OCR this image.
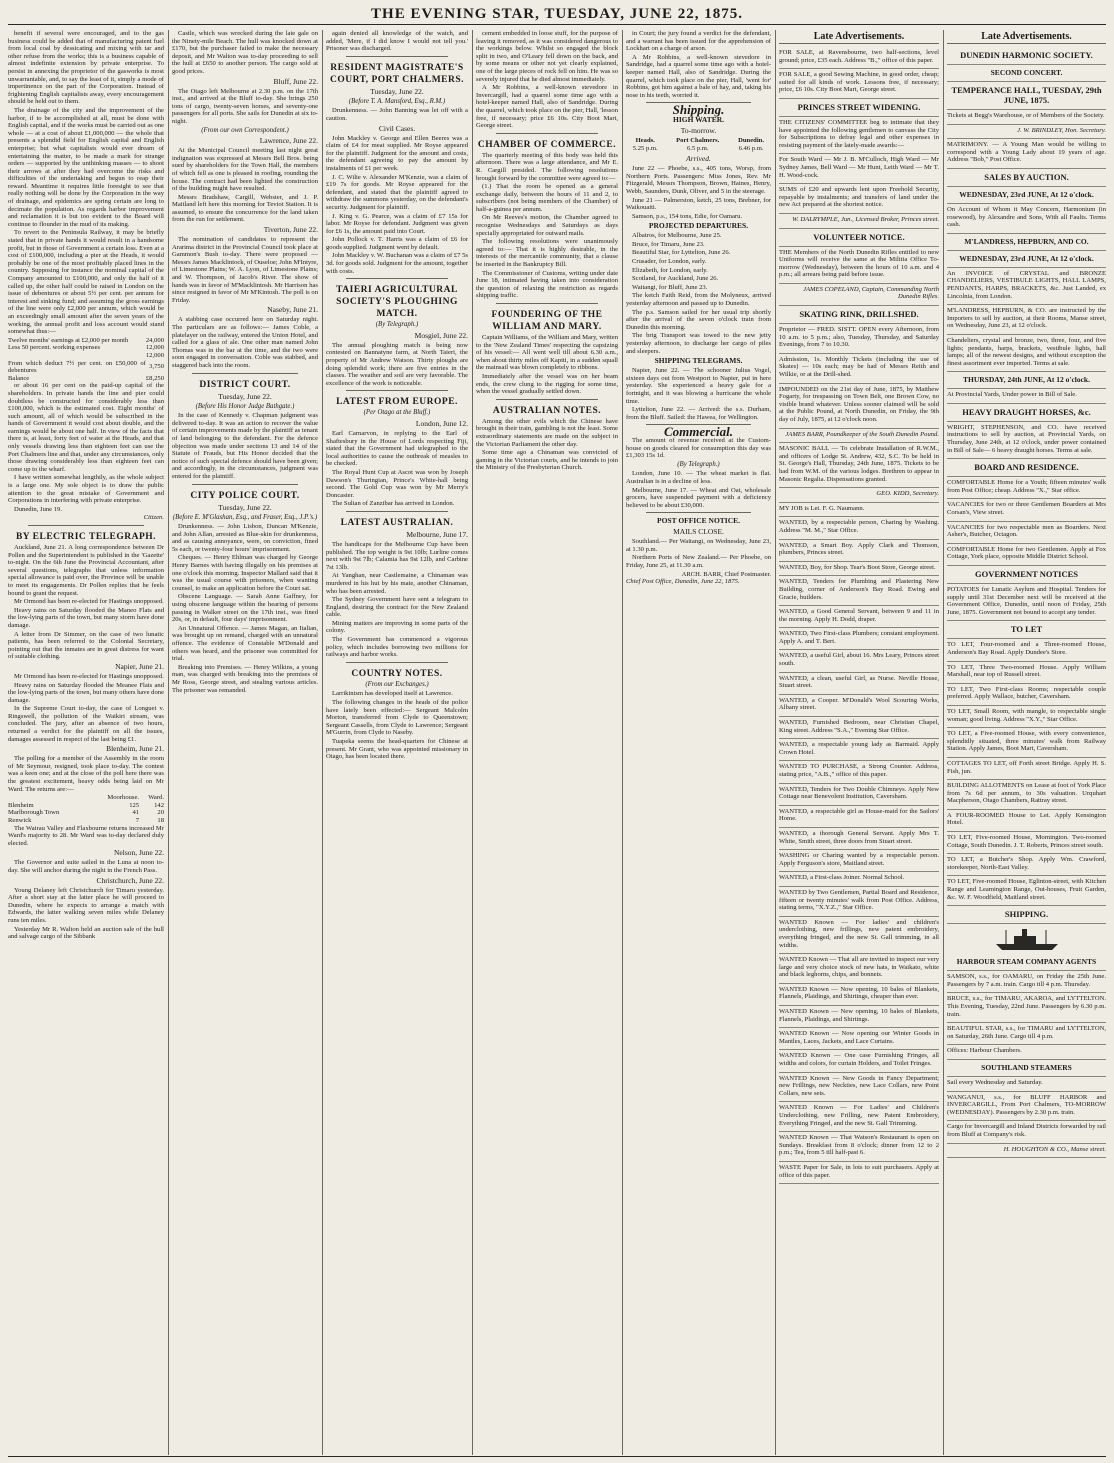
THE EVENING STAR, TUESDAY, JUNE 22, 1875.

benefit if several were encouraged, and to the gas business could be added that of manufacturing patent fuel from local coal by dessicating and mixing with tar and other refuse from the works; this is a business capable of almost indefinite extension by private enterprise. To persist in annexing the proprietor of the gasworks is most unwarrantable, and, to say the least of it, simply a mode of impertinence on the part of the Corporation. Instead of frightening English capitalists away, every encouragement should be held out to them.

The drainage of the city and the improvement of the harbor, if to be accomplished at all, must be done with English capital, and if the works must be carried out as one whole — at a cost of about £1,000,000 — the whole that presents a splendid field for English capital and English enterprise; but what capitalists would ever dream of entertaining the matter, to be made a mark for strange orders — supported by the unthinking masses — to shoot their arrows at after they had overcome the risks and difficulties of the undertaking and begun to reap their reward. Meantime it requires little foresight to see that really nothing will be done by the Corporation in the way of drainage, and epidemics are spring certain are long to decimate the population. As regards harbor improvement and reclamation it is but too evident to the Board will continue to flounder in the mud of its making.

To revert to the Peninsula Railway, it may be briefly stated that in private hands it would result in a handsome profit, but in those of Government a certain loss. Even at a cost of £100,000, including a pier at the Heads, it would probably be one of the most profitably placed lines in the country. Supposing for instance the nominal capital of the Company amounted to £100,000, and only the half of it called up, the other half could be raised in London on the issue of debentures or about 5½ per cent. per annum for interest and sinking fund; and assuming the gross earnings of the line were only £2,000 per annum, which would be an exceedingly small amount after the seven years of the working, the annual profit and loss account would stand somewhat thus:—

Twelve months' earnings at £2,000 per month	24,000
Less 50 percent. working expenses	12,000
	12,000
From which deduct 7½ per cent. on £50,000 of debentures	3,750
Balance	£8,250

or about 16 per cent on the paid-up capital of the shareholders. In private hands the line and pier could doubtless be constructed for considerably less than £100,000, which is the estimated cost. Eight months' of such amount, all of which would be subscribed in the hands of Government it would cost about double, and the earnings would be about one half. In view of the facts that there is, at least, forty feet of water at the Heads, and that only vessels drawing less than eighteen feet can use the Port Chalmers line and that, under any circumstances, only those drawing considerably less than eighteen feet can come up to the wharf.

I have written somewhat lengthily, as the whole subject is a large one. My sole object is to draw the public attention to the great mistake of Government and Corporations in interfering with private enterprise.

Dunedin, June 19.

Citizen.
BY ELECTRIC TELEGRAPH.

Auckland, June 21. A long correspondence between Dr Pollen and the Superintendent is published in the 'Gazette' to-night. On the 6th June the Provincial Accountant, after several questions, telegraphs that unless information special allowance is paid over, the Province will be unable to meet its engagements. Dr Pollen replies that he feels bound to grant the request.

Mr Ormond has been re-elected for Hastings unopposed.

Heavy rains on Saturday flooded the Maneo Flats and the low-lying parts of the town, but many storm have done damage.

A letter from Dr Simmer, on the case of two lunatic patients, has been referred to the Colonial Secretary, pointing out that the inmates are in great distress for want of suitable clothing.

Napier, June 21.

Mr Ormond has been re-elected for Hastings unopposed.

Heavy rains on Saturday flooded the Meanee Flats and the low-lying parts of the town, but many others have done damage.

In the Supreme Court to-day, the case of Longuet v. Ringswell, the pollution of the Waikiri stream, was concluded. The jury, after an absence of two hours, returned a verdict for the plaintiff on all the issues, damages assessed in respect of the last being £1.

Blenheim, June 21.

The polling for a member of the Assembly in the room of Mr Seymour, resigned, took place to-day. The contest was a keen one; and at the close of the poll here there was the greatest excitement, heavy odds being laid on Mr Ward. The returns are:—

	Moorhouse.	Ward.
Blenheim	125	142
Marlborough Town	41	20
Renwick	7	18

The Wairau Valley and Flaxbourne returns increased Mr Ward's majority to 28. Mr Ward was to-day declared duly elected.

Nelson, June 22.

The Governor and suite sailed in the Luna at noon to-day. She will anchor during the night in the French Pass.

Christchurch, June 22.

Young Delaney left Christchurch for Timaru yesterday. After a short stay at the latter place he will proceed to Dunedin, where he expects to arrange a match with Edwards, the latter walking seven miles while Delaney runs ten miles.

Yesterday Mr R. Walton held an auction sale of the hull and salvage cargo of the Sibbank

Castle, which was wrecked during the late gale on the Ninety-mile Beach. The hull was knocked down at £170, but the purchaser failed to make the necessary deposit, and Mr Walton was to-day proceeding to sell the hull at £650 to another person. The cargo sold at good prices.

Bluff, June 22.

The Otago left Melbourne at 2.30 p.m. on the 17th inst., and arrived at the Bluff to-day. She brings 250 tons of cargo, twenty-seven horses, and seventy-one passengers for all ports. She sails for Dunedin at six to-night.

(From our own Correspondent.)
Lawrence, June 22.

At the Municipal Council meeting last night great indignation was expressed at Messrs Bell Bros. being sued by shareholders for the Town Hall, the members of which fell as one is pleased in roofing, rounding the house. The contract had been lighted the construction of the building might have resulted.

Messrs Bradshaw, Cargill, Webster, and J. P. Maitland left here this morning for Teviot Station. It is assumed, to ensure the concurrence for the land taken from the run for settlement.

Tiverton, June 22.

The nomination of candidates to represent the Ararima district in the Provincial Council took place at Gammon's Bush to-day. There were proposed — Messrs James Macklintock, of Ouseloe; John M'Intyre, of Limestone Plains; W. A. Lyon, of Limestone Plains; and W. Thompson, of Jacob's River. The show of hands was in favor of M'Macklintosh. Mr Harrison has since resigned in favor of Mr M'Kintosh. The poll is on Friday.

Naseby, June 21.

A stabbing case occurred here on Saturday night. The particulars are as follows:— James Coble, a platelayer on the railway, entered the Union Hotel, and called for a glass of ale. One other man named John Thomas was in the bar at the time, and the two were soon engaged in conversation. Coble was stabbed, and staggered back into the room.

DISTRICT COURT.
Tuesday, June 22.
(Before His Honor Judge Bathgate.)

In the case of Kennedy v. Chapman judgment was delivered to-day. It was an action to recover the value of certain improvements made by the plaintiff as tenant of land belonging to the defendant. For the defence objection was made under sections 13 and 14 of the Statute of Frauds, but His Honor decided that the notice of such special defence should have been given; and accordingly, in the circumstances, judgment was entered for the plaintiff.

CITY POLICE COURT.
Tuesday, June 22.
(Before E. M'Glashan, Esq., and Fraser, Esq., J.P.'s.)

Drunkenness. — John Lisbon, Duncan M'Kenzie, and John Allan, arrested as Blue-skin for drunkenness, and as causing annoyance, were, on conviction, fined 5s each, or twenty-four hours' imprisonment.

Cheques. — Henry Ehlman was charged by George Henry Barnes with having illegally on his premises at one o'clock this morning. Inspector Mallard said that it was the usual course with prisoners, when wanting counsel, to make an application before the Court sat.

Obscene Language. — Sarah Anne Gaffney, for using obscene language within the hearing of persons passing in Walker street on the 17th inst., was fined 20s, or, in default, four days' imprisonment.

An Unnatural Offence. — James Magan, an Italian, was brought up on remand, charged with an unnatural offence. The evidence of Constable M'Donald and others was heard, and the prisoner was committed for trial.

Breaking into Premises. — Henry Wilkins, a young man, was charged with breaking into the premises of Mr Ross, George street, and stealing various articles. The prisoner was remanded.

again denied all knowledge of the watch, and added, 'Mere, if I did know I would not tell you.' Prisoner was discharged.

RESIDENT MAGISTRATE'S COURT, PORT CHALMERS.
Tuesday, June 22.
(Before T. A. Mansford, Esq., R.M.)

Drunkenness. — John Banning was let off with a caution.

Civil Cases.

John Mackley v. George and Ellen Beeres was a claim of £4 for meat supplied. Mr Royse appeared for the plaintiff. Judgment for the amount and costs, the defendant agreeing to pay the amount by instalments of £1 per week.

J. C. Wilie v. Alexander M'Kenzie, was a claim of £19 7s for goods. Mr Royse appeared for the defendant, and stated that the plaintiff agreed to withdraw the summons yesterday, on the defendant's security. Judgment for plaintiff.

J. King v. G. Pearce, was a claim of £7 15s for labor. Mr Royse for defendant. Judgment was given for £6 1s, the amount paid into Court.

John Pollock v. T. Harris was a claim of £6 for goods supplied. Judgment went by default.

John Mackley v. W. Buchanan was a claim of £7 5s 3d. for goods sold. Judgment for the amount, together with costs.

TAIERI AGRICULTURAL SOCIETY'S PLOUGHING MATCH.
(By Telegraph.)
Mosgiel, June 22.

The annual ploughing match is being now contested on Bannatyne farm, at North Taieri, the property of Mr Andrew Watson. Thirty ploughs are doing splendid work; there are five entries in the classes. The weather and soil are very favorable. The excellence of the work is noticeable.

LATEST FROM EUROPE.
(Per Otago at the Bluff.)
London, June 12.

Earl Carnarvon, in replying to the Earl of Shaftesbury in the House of Lords respecting Fiji, stated that the Government had telegraphed to the local authorities to cause the outbreak of measles to be checked.

The Royal Hunt Cup at Ascot was won by Joseph Dawson's Thuringian, Prince's White-hall being second. The Gold Cup was won by Mr Merry's Doncaster.

The Sultan of Zanzibar has arrived in London.

LATEST AUSTRALIAN.
Melbourne, June 17.

The handicaps for the Melbourne Cup have been published. The top weight is 9st 10lb; Lurline comes next with 9st 7lb; Calamia has 9st 12lb, and Carbine 7st 13lb.

At Yanghan, near Castlemaine, a Chinaman was murdered in his hut by his mate, another Chinaman, who has been arrested.

The Sydney Government have sent a telegram to England, desiring the contract for the New Zealand cable.

Mining matters are improving in some parts of the colony.

The Government has commenced a vigorous policy, which includes borrowing two millions for railways and harbor works.

COUNTRY NOTES.
(From our Exchanges.)

Larrikinism has developed itself at Lawrence.

The following changes in the heads of the police have lately been effected:— Sergeant Malcolm Morton, transferred from Clyde to Queenstown; Sergeant Cassells, from Clyde to Lawrence; Sergeant M'Gurrin, from Clyde to Naseby.

Tuapeka seems the head-quarters for Chinese at present. Mr Grant, who was appointed missionary in Otago, has been located there.

cement embedded in loose stuff, for the purpose of leaving it removed, as it was considered dangerous to the workings below. Whilst so engaged the block split in two, and O'Leary fell down on the back, and by some means or other not yet clearly explained, one of the large pieces of rock fell on him. He was so severely injured that he died almost immediately.

A Mr Robbins, a well-known stevedore in Invercargill, had a quarrel some time ago with a hotel-keeper named Hall, also of Sandridge. During the quarrel, which took place on the pier, Hall, 'lesson free, if necessary; price £6 10s. City Boot Mart, George street.

CHAMBER OF COMMERCE.

The quarterly meeting of this body was held this afternoon. There was a large attendance, and Mr E. R. Cargill presided. The following resolutions brought forward by the committee were agreed to:—

(1.) That the room be opened as a general exchange daily, between the hours of 11 and 2, to subscribers (not being members of the Chamber) of half-a-guinea per annum.

On Mr Reeves's motion, the Chamber agreed to recognise Wednesdays and Saturdays as days specially appropriated for outward mails.

The following resolutions were unanimously agreed to:— That it is highly desirable, in the interests of the mercantile community, that a clause be inserted in the Bankruptcy Bill.

The Commissioner of Customs, writing under date June 18, intimated having taken into consideration the question of relaxing the restriction as regards shipping traffic.

FOUNDERING OF THE WILLIAM AND MARY.

Captain Williams, of the William and Mary, written to the 'New Zealand Times' respecting the capsizing of his vessel:— All went well till about 6.30 a.m., when about thirty miles off Kapiti, in a sudden squall the mainsail was blown completely to ribbons.

Immediately after the vessel was on her beam ends, the crew clung to the rigging for some time, when the vessel gradually settled down.

AUSTRALIAN NOTES.

Among the other evils which the Chinese have brought in their train, gambling is not the least. Some extraordinary statements are made on the subject in the Victorian Parliament the other day.

Some time ago a Chinaman was convicted of gaming in the Victorian courts, and he intends to join the Ministry of the Presbyterian Church.

in Court; the jury found a verdict for the defendant, and a warrant has been issued for the apprehension of Lockhart on a charge of arson.

A Mr Robbins, a well-known stevedore in Sandridge, had a quarrel some time ago with a hotel-keeper named Hall, also of Sandridge. During the quarrel, which took place on the pier, Hall, 'went for' Robbins, got him against a bale of hay, and, taking his nose in his teeth, worried it.

Shipping.
HIGH WATER.
To-morrow.
Heads.	Port Chalmers.	Dunedin.
5.25 p.m.	6.5 p.m.	6.46 p.m.
Arrived.

June 22 — Phoebe, s.s., 405 tons, Worsp, from Northern Ports. Passengers: Miss Jones, Rev. Mr Fitzgerald, Messrs Thompson, Brown, Haines, Henry, Webb, Saunders, Dunk, Oliver, and 5 in the steerage.

June 21 — Palmerston, ketch, 25 tons, Brebner, for Waikouaiti.

Samson, p.s., 154 tons, Edie, for Oamaru.

PROJECTED DEPARTURES.

Albatros, for Melbourne, June 25.

Bruce, for Timaru, June 23.

Beautiful Star, for Lyttelton, June 26.

Crusader, for London, early.

Elizabeth, for London, early.

Scotland, for Auckland, June 26.

Waitangi, for Bluff, June 23.

The ketch Faith Reid, from the Molyneux, arrived yesterday afternoon and passed up to Dunedin.

The p.s. Samson sailed for her usual trip shortly after the arrival of the seven o'clock train from Dunedin this morning.

The brig Transport was towed to the new jetty yesterday afternoon, to discharge her cargo of piles and sleepers.

SHIPPING TELEGRAMS.

Napier, June 22. — The schooner Julius Vogel, sixteen days out from Westport to Napier, put in here yesterday. She experienced a heavy gale for a fortnight, and it was blowing a hurricane the whole time.

Lyttelton, June 22. — Arrived: the s.s. Durham, from the Bluff. Sailed: the Hawea, for Wellington.

Commercial.

The amount of revenue received at the Custom-house on goods cleared for consumption this day was £1,303 15s 1d.

(By Telegraph.)

London, June 10. — The wheat market is flat. Australian is in a decline of less.

Melbourne, June 17. — Wheat and Oat, wholesale grocers, have suspended payment with a deficiency believed to be about £30,000.

POST OFFICE NOTICE.
MAILS CLOSE.

Southland.— Per Waitangi, on Wednesday, June 23, at 1.30 p.m.

Northern Ports of New Zealand.— Per Phoebe, on Friday, June 25, at 11.30 a.m.

ARCH. BARR, Chief Postmaster.
Chief Post Office, Dunedin, June 22, 1875.
Late Advertisements.

FOR SALE, at Ravensbourne, two half-sections, level ground; price, £35 each. Address "B.," office of this paper.

FOR SALE, a good Sewing Machine, in good order, cheap; suited for all kinds of work. Lessons free, if necessary; price, £6 10s. City Boot Mart, George street.

PRINCES STREET WIDENING.

THE CITIZENS' COMMITTEE beg to intimate that they have appointed the following gentlemen to canvass the City for Subscriptions to defray legal and other expenses in resisting payment of the lately-made awards:—

For South Ward — Mr J. B. M'Culloch, High Ward — Mr Sydney James, Bell Ward — Mr Hunt, Leith Ward — Mr T. H. Wood-cock.

SUMS of £20 and upwards lent upon Freehold Security, repayable by instalments; and transfers of land under the new Act prepared at the shortest notice.

W. DALRYMPLE, Jun., Licensed Broker, Princes street.

VOLUNTEER NOTICE.

THE Members of the North Dunedin Rifles entitled to new Uniforms will receive the same at the Militia Office To-morrow (Wednesday), between the hours of 10 a.m. and 4 p.m.; all arrears being paid before issue.

JAMES COPELAND, Captain, Commanding North Dunedin Rifles.

SKATING RINK, DRILLSHED.

Proprietor — FRED. SISTT. OPEN every Afternoon, from 10 a.m. to 5 p.m.; also, Tuesday, Thursday, and Saturday Evenings, from 7 to 10.30.

Admission, 1s. Monthly Tickets (including the use of Skates) — 10s each; may be had of Messrs Reith and Wilkie, or at the Drill-shed.

IMPOUNDED on the 21st day of June, 1875, by Matthew Fogarty, for trespassing on Town Belt, one Brown Cow, no visible brand whatever. Unless sooner claimed will be sold at the Public Pound, at North Dunedin, on Friday, the 9th day of July, 1875, at 12 o'clock noon.

JAMES BARR, Poundkeeper of the South Dunedin Pound.

MASONIC BALL — To celebrate Installation of R.W.M., and officers of Lodge St. Andrew, 432, S.C. To be held in St. George's Hall, Thursday, 24th June, 1875. Tickets to be had from W.M. of the various lodges. Brethren to appear in Masonic Regalia. Dispensations granted.

GEO. KIDD, Secretary.

MY JOB is Let. F. G. Naumann.

WANTED, by a respectable person, Charing by Washing. Address "M. M.," Star Office.

WANTED, a Smart Boy. Apply Clark and Thomson, plumbers, Princes street.

WANTED, Boy, for Shop. Tear's Boot Store, George street.

WANTED, Tenders for Plumbing and Plastering New Building, corner of Anderson's Bay Road. Ewing and Gracie, builders.

WANTED, a Good General Servant, between 9 and 11 in the morning. Apply H. Dodd, draper.

WANTED, Two First-class Plumbers; constant employment. Apply A. and T. Bert.

WANTED, a useful Girl, about 16. Mrs Leary, Princes street south.

WANTED, a clean, useful Girl, as Nurse. Neville House, Stuart street.

WANTED, a Cooper. M'Donald's Wool Scouring Works, Albany street.

WANTED, Furnished Bedroom, near Christian Chapel, King street. Address "S.A.," Evening Star Office.

WANTED, a respectable young lady as Barmaid. Apply Crown Hotel.

WANTED TO PURCHASE, a Strong Counter. Address, stating price, "A.B.," office of this paper.

WANTED, Tenders for Two Double Chimneys. Apply New Cottage near Benevolent Institution, Caversham.

WANTED, a respectable girl as House-maid for the Sailors' Home.

WANTED, a thorough General Servant. Apply Mrs T. White, Smith street, three doors from Stuart street.

WASHING or Charing wanted by a respectable person. Apply Ferguson's store, Maitland street.

WANTED, a First-class Joiner. Normal School.

WANTED by Two Gentlemen, Partial Board and Residence, fifteen or twenty minutes' walk from Post Office. Address, stating terms, "X.Y.Z.," Star Office.

WANTED Known — For ladies' and children's underclothing, new frillings, new patent embroidery, everything fringed, and the new St. Gall trimming, in all widths.

WANTED Known — That all are invited to inspect our very large and very choice stock of new hats, in Waikato, white and black leghorns, chips, and bonnets.

WANTED Known — Now opening, 10 bales of Blankets, Flannels, Plaidings, and Shirtings, cheaper than ever.

WANTED Known — New opening, 10 bales of Blankets, Flannels, Plaidings, and Shirtings.

WANTED Known — Now opening our Winter Goods in Mantles, Laces, Jackets, and Lace Curtains.

WANTED Known — One case Furnishing Fringes, all widths and colors, for curtain Holders, and Toilet Fringes.

WANTED Known — New Goods in Fancy Department; new Frillings, new Neckties, new Lace Collars, new Point Collars, new sets.

WANTED Known — For Ladies' and Children's Underclothing, new Frilling, new Patent Embroidery, Everything Fringed, and the new St. Gall Trimming.

WANTED Known — That Watson's Restaurant is open on Sundays. Breakfast from 8 o'clock; dinner from 12 to 2 p.m.; Tea, from 5 till half-past 6.

WASTE Paper for Sale, in lots to suit purchasers. Apply at office of this paper.

Late Advertisements.

DUNEDIN HARMONIC SOCIETY.

SECOND CONCERT.

TEMPERANCE HALL, TUESDAY, 29th JUNE, 1875.

Tickets at Begg's Warehouse, or of Members of the Society.

J. W. BRINDLEY, Hon. Secretary.

MATRIMONY. — A Young Man would be willing to correspond with a Young Lady about 19 years of age. Address "Bob," Post Office.

SALES BY AUCTION.

WEDNESDAY, 23rd JUNE, At 12 o'clock.

On Account of Whom it May Concern, Harmonium (in rosewood), by Alexandre and Sons, With all Faults. Terms cash.

M'LANDRESS, HEPBURN, AND CO.

WEDNESDAY, 23rd JUNE, At 12 o'clock.

An INVOICE of CRYSTAL and BRONZE CHANDELIERS, VESTIBULE LIGHTS, HALL LAMPS, PENDANTS, HARPS, BRACKETS, &c. Just Landed, ex Lincolnia, from London.

M'LANDRESS, HEPBURN, & CO. are instructed by the Importers to sell by auction, at their Rooms, Manse street, on Wednesday, June 23, at 12 o'clock.

Chandeliers, crystal and bronze, two, three, four, and five lights; pendants, harps, brackets, vestibule lights, hall lamps; all of the newest designs, and without exception the finest assortment ever imported. Terms at sale.

THURSDAY, 24th JUNE, At 12 o'clock.

At Provincial Yards, Under power in Bill of Sale.

HEAVY DRAUGHT HORSES, &c.

WRIGHT, STEPHENSON, and CO. have received instructions to sell by auction, at Provincial Yards, on Thursday, June 24th, at 12 o'clock, under power contained in Bill of Sale— 6 heavy draught horses. Terms at sale.

BOARD AND RESIDENCE.

COMFORTABLE Home for a Youth; fifteen minutes' walk from Post Office; cheap. Address "X.," Star office.

VACANCIES for two or three Gentlemen Boarders at Mrs Corsan's, View street.

VACANCIES for two respectable men as Boarders. Next Asher's, Butcher, Octagon.

COMFORTABLE Home for two Gentlemen. Apply at Fox Cottage, York place, opposite Middle District School.

GOVERNMENT NOTICES

POTATOES for Lunatic Asylum and Hospital. Tenders for supply until 31st December next will be received at the Government Office, Dunedin, until noon of Friday, 25th June, 1875. Government not bound to accept any tender.

TO LET

TO LET, Four-roomed and a Three-roomed House, Anderson's Bay Road. Apply Dundee's Store.

TO LET, Three Two-roomed House. Apply William Marshall, near top of Russell street.

TO LET, Two First-class Rooms; respectable couple preferred. Apply Wallace, butcher, Caversham.

TO LET, Small Room, with mangle, to respectable single woman; good living. Address "X.Y.," Star Office.

TO LET, a Five-roomed House, with every convenience, splendidly situated, three minutes' walk from Railway Station. Apply James, Boot Mart, Caversham.

COTTAGES TO LET, off Forth street Bridge. Apply H. S. Fish, jun.

BUILDING ALLOTMENTS on Lease at foot of York Place from 7s 6d per annum, to 30s valuation. Urquhart Macpherson, Otago Chambers, Rattray street.

A FOUR-ROOMED House to Let. Apply Kensington Hotel.

TO LET, Five-roomed House, Mornington. Two-roomed Cottage, South Dunedin. J. T. Roberts, Princes street south.

TO LET, a Butcher's Shop. Apply Wm. Crawford, storekeeper, North-East Valley.

TO LET, Five-roomed House, Eglinton-street, with Kitchen Range and Leamington Range, Out-houses, Fruit Garden, &c. W. F. Woodfield, Maitland street.

SHIPPING.

HARBOUR STEAM COMPANY AGENTS

SAMSON, s.s., for OAMARU, on Friday the 25th June. Passengers by 7 a.m. train. Cargo till 4 p.m. Thursday.

BRUCE, s.s., for TIMARU, AKAROA, and LYTTELTON. This Evening, Tuesday, 22nd June. Passengers by 6.30 p.m. train.

BEAUTIFUL STAR, s.s., for TIMARU and LYTTELTON, on Saturday, 26th June. Cargo till 4 p.m.

Offices: Harbour Chambers.

SOUTHLAND STEAMERS

Sail every Wednesday and Saturday.

WANGANUI, s.s., for BLUFF HARBOR and INVERCARGILL, From Port Chalmers, TO-MORROW (WEDNESDAY). Passengers by 2.30 p.m. train.

Cargo for Invercargill and Inland Districts forwarded by rail from Bluff at Company's risk.

H. HOUGHTON & CO., Manse street.
